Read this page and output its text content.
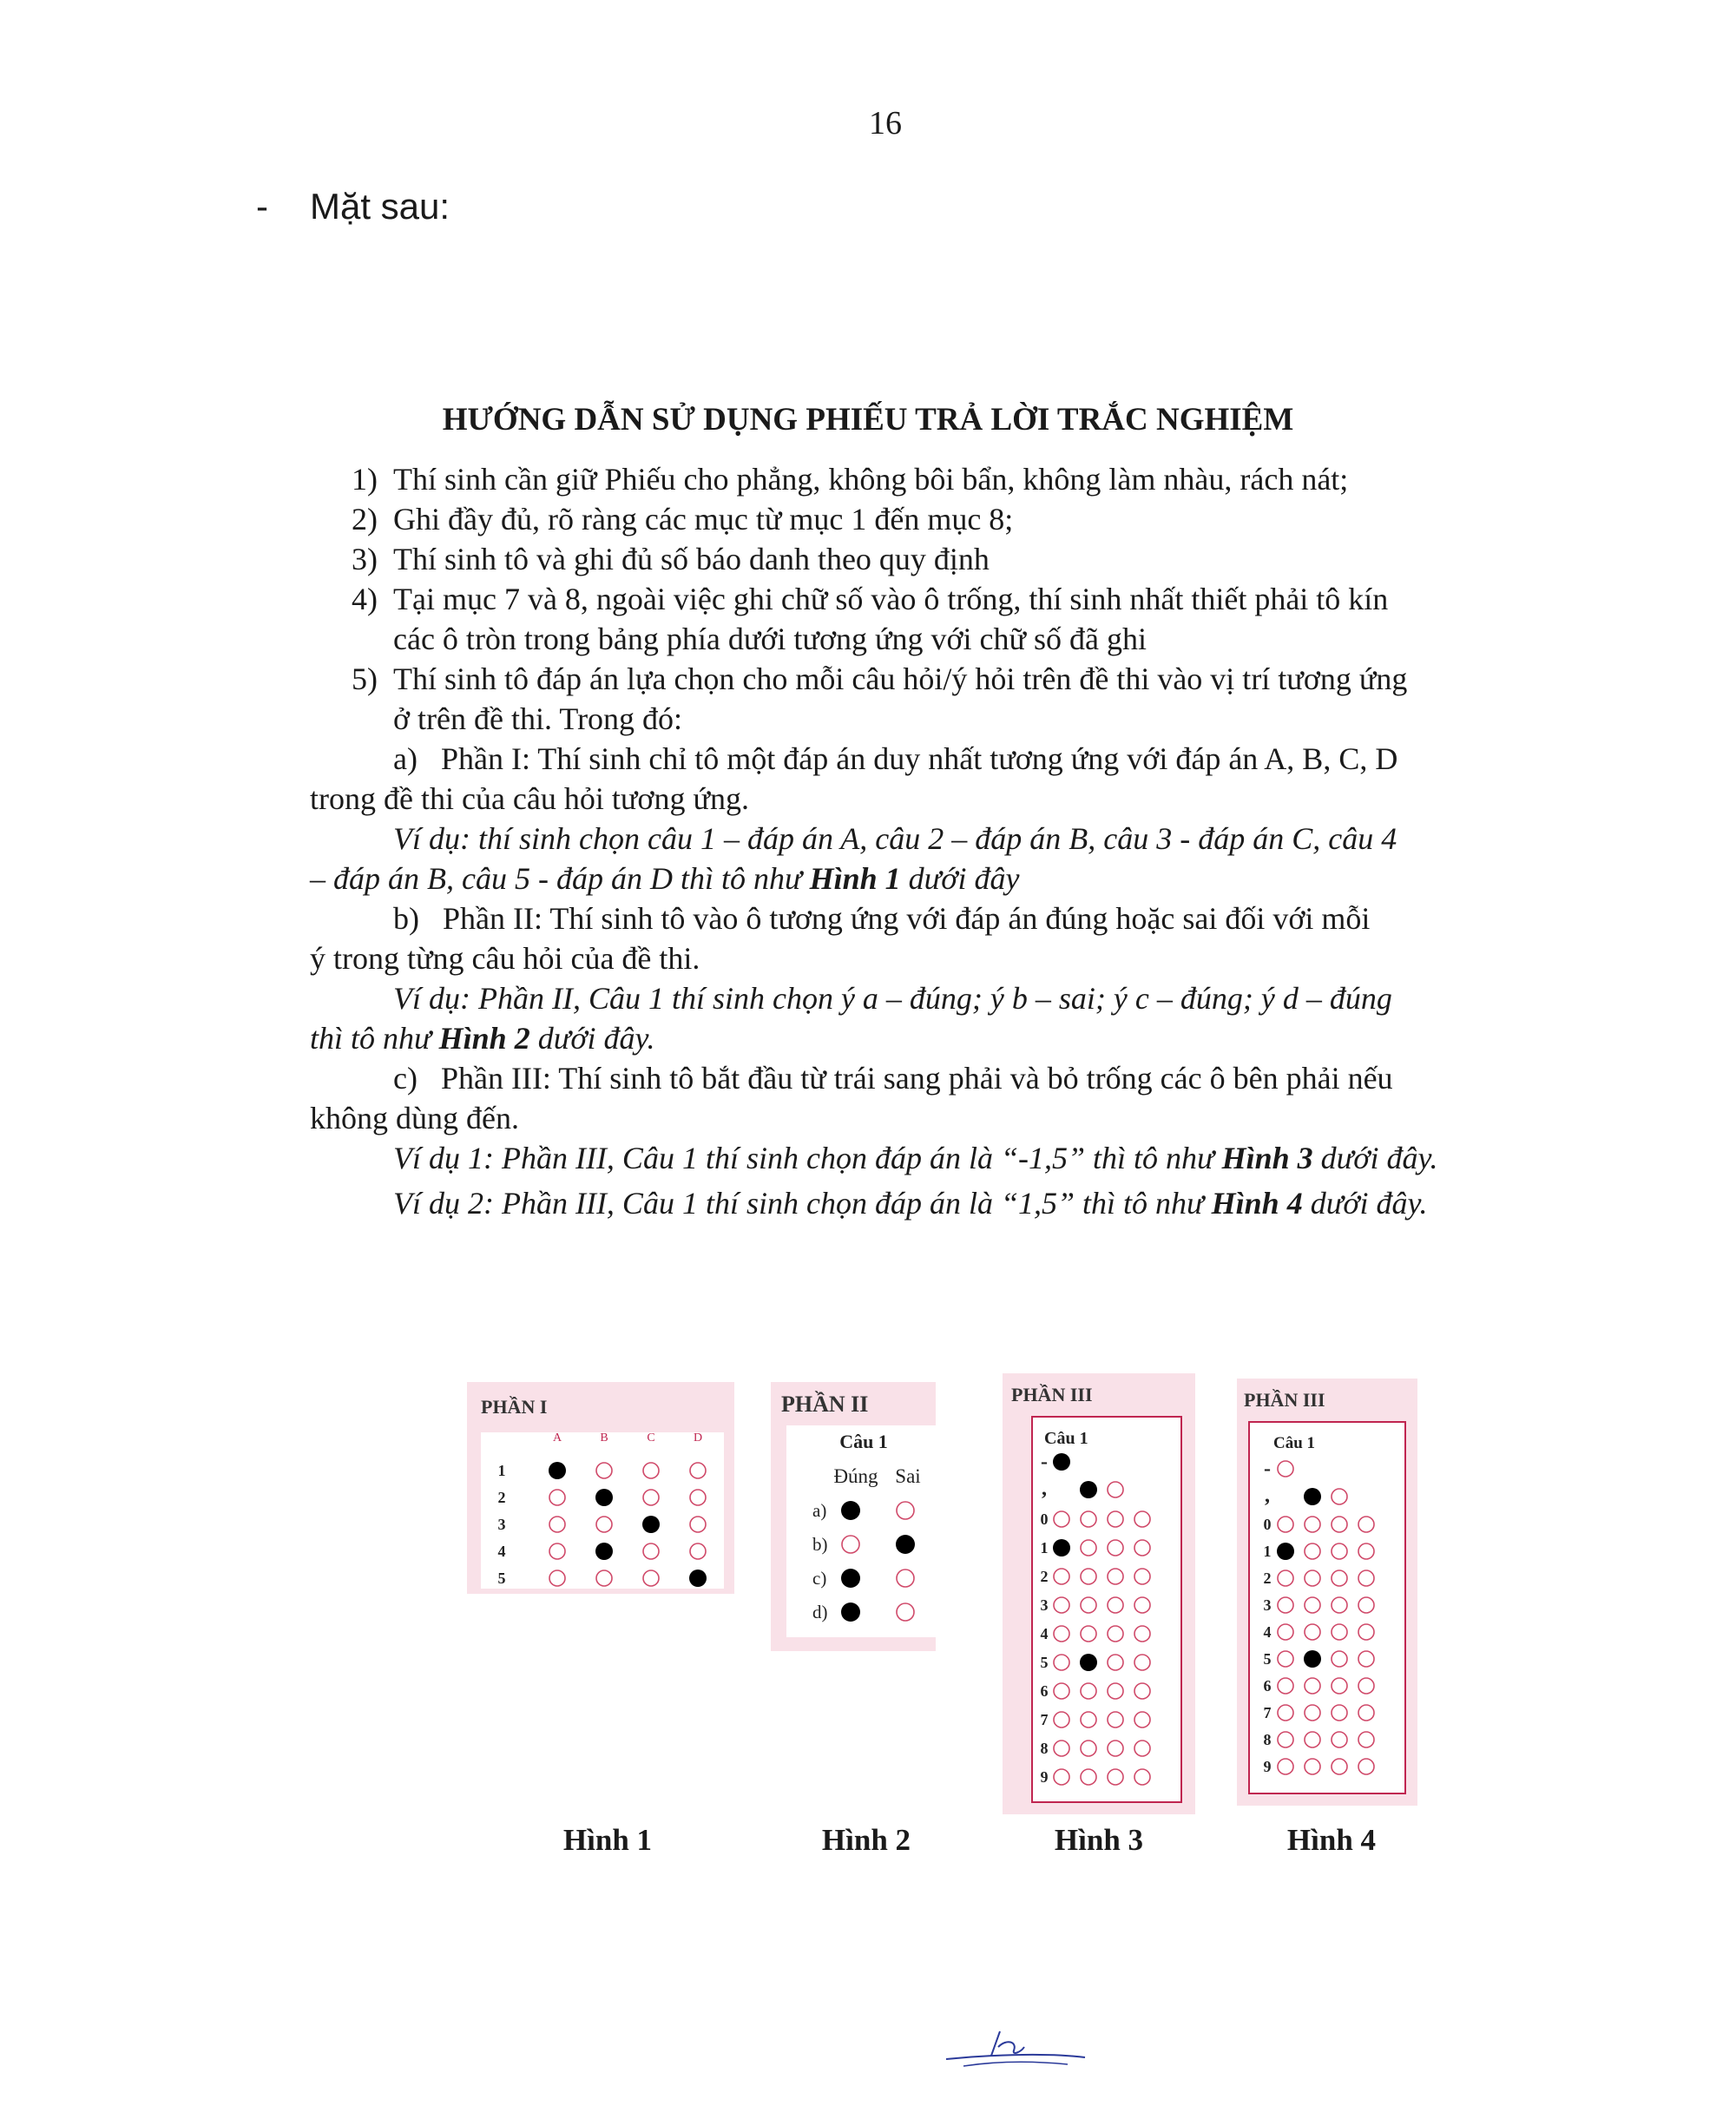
16
- Mặt sau:
HƯỚNG DẪN SỬ DỤNG PHIẾU TRẢ LỜI TRẮC NGHIỆM
1) Thí sinh cần giữ Phiếu cho phẳng, không bôi bẩn, không làm nhàu, rách nát;
2) Ghi đầy đủ, rõ ràng các mục từ mục 1 đến mục 8;
3) Thí sinh tô và ghi đủ số báo danh theo quy định
4) Tại mục 7 và 8, ngoài việc ghi chữ số vào ô trống, thí sinh nhất thiết phải tô kín
các ô tròn trong bảng phía dưới tương ứng với chữ số đã ghi
5) Thí sinh tô đáp án lựa chọn cho mỗi câu hỏi/ý hỏi trên đề thi vào vị trí tương ứng
ở trên đề thi. Trong đó:
a) Phần I: Thí sinh chỉ tô một đáp án duy nhất tương ứng với đáp án A, B, C, D
trong đề thi của câu hỏi tương ứng.
Ví dụ: thí sinh chọn câu 1 – đáp án A, câu 2 – đáp án B, câu 3 - đáp án C, câu 4
– đáp án B, câu 5 - đáp án D thì tô như Hình 1 dưới đây
b) Phần II: Thí sinh tô vào ô tương ứng với đáp án đúng hoặc sai đối với mỗi
ý trong từng câu hỏi của đề thi.
Ví dụ: Phần II, Câu 1 thí sinh chọn ý a – đúng; ý b – sai; ý c – đúng; ý d – đúng
thì tô như Hình 2 dưới đây.
c) Phần III: Thí sinh tô bắt đầu từ trái sang phải và bỏ trống các ô bên phải nếu
không dùng đến.
Ví dụ 1: Phần III, Câu 1 thí sinh chọn đáp án là “-1,5” thì tô như Hình 3 dưới đây.
Ví dụ 2: Phần III, Câu 1 thí sinh chọn đáp án là “1,5” thì tô như Hình 4 dưới đây.
PHẦN I
A	B	C	D
1
2
3
4
5
Hình 1
PHẦN II
Câu 1
Đúng Sai
a)
b)
c)
d)
Hình 2
PHẦN III
Câu 1
-
,
0
1
2
3
4
5
6
7
8
9
Hình 3
PHẦN III
Câu 1
-
,
0
1
2
3
4
5
6
7
8
9
Hình 4
